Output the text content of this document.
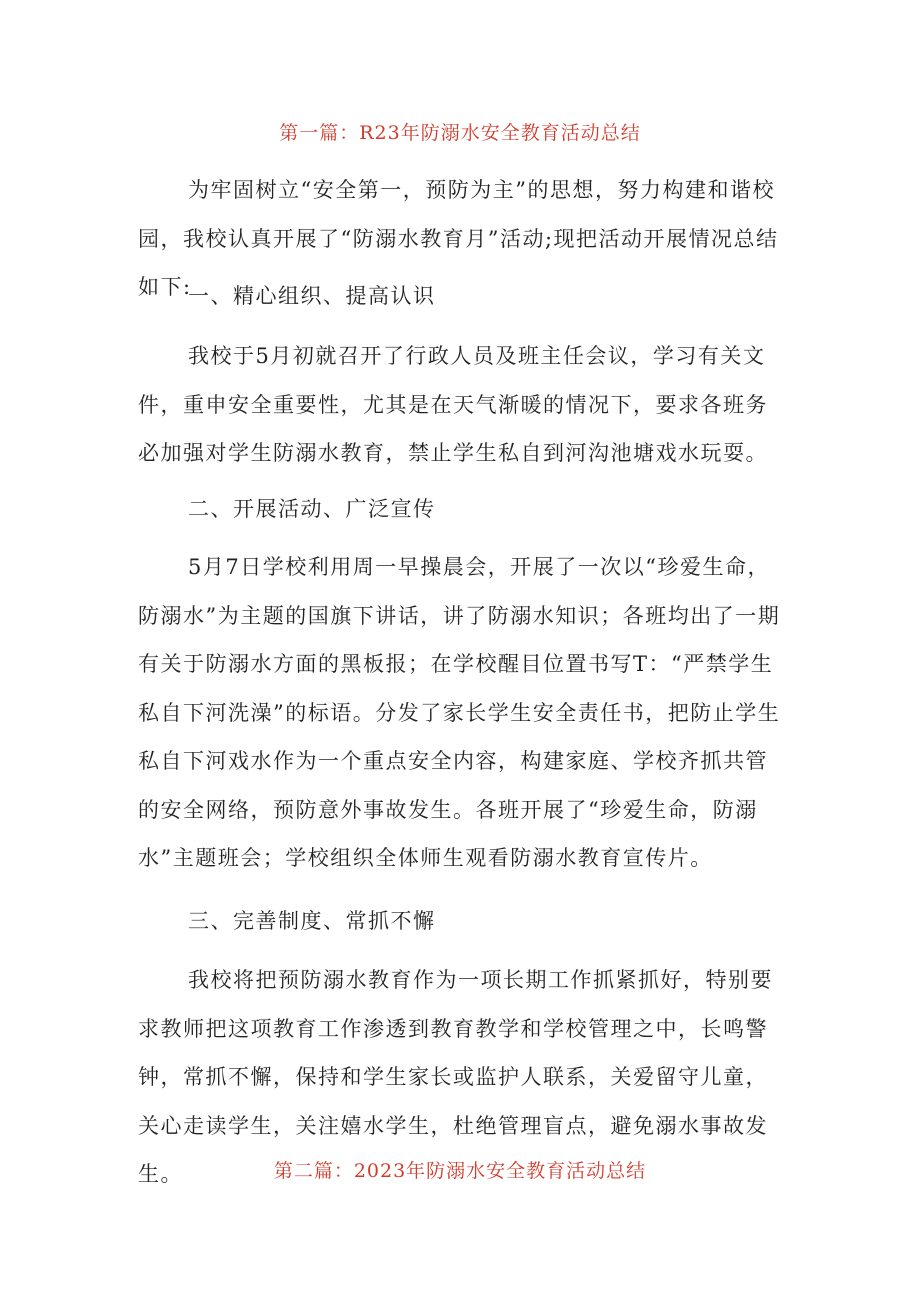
第一篇：R23年防溺水安全教育活动总结

为牢固树立“安全第一，预防为主”的思想，努力构建和谐校园，我校认真开展了“防溺水教育月”活动;现把活动开展情况总结如下:

一、精心组织、提高认识

我校于5月初就召开了行政人员及班主任会议，学习有关文件，重申安全重要性，尤其是在天气渐暖的情况下，要求各班务必加强对学生防溺水教育，禁止学生私自到河沟池塘戏水玩耍。

二、开展活动、广泛宣传

5月7日学校利用周一早操晨会，开展了一次以“珍爱生命，防溺水”为主题的国旗下讲话，讲了防溺水知识；各班均出了一期有关于防溺水方面的黑板报；在学校醒目位置书写T：“严禁学生私自下河洗澡”的标语。分发了家长学生安全责任书，把防止学生私自下河戏水作为一个重点安全内容，构建家庭、学校齐抓共管的安全网络，预防意外事故发生。各班开展了“珍爱生命，防溺水”主题班会；学校组织全体师生观看防溺水教育宣传片。

三、完善制度、常抓不懈

我校将把预防溺水教育作为一项长期工作抓紧抓好，特别要求教师把这项教育工作渗透到教育教学和学校管理之中，长鸣警钟，常抓不懈，保持和学生家长或监护人联系，关爱留守儿童，关心走读学生，关注嬉水学生，杜绝管理盲点，避免溺水事故发生。	第二篇：2023年防溺水安全教育活动总结
